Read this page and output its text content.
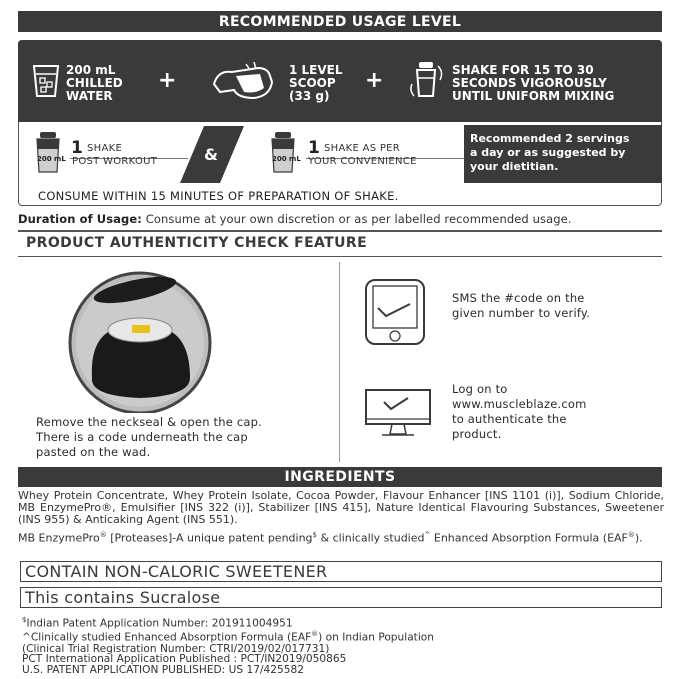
RECOMMENDED USAGE LEVEL
200 mL
CHILLED
WATER
+	1 LEVEL
SCOOP
(33 g)
+	SHAKE FOR 15 TO 30
SECONDS VIGOROUSLY
UNTIL UNIFORM MIXING
200 mL
1 SHAKE
POST WORKOUT	&	200 mL
1 SHAKE AS PER
YOUR CONVENIENCE
Recommended 2 servings
a day or as suggested by
your dietitian.
CONSUME WITHIN 15 MINUTES OF PREPARATION OF SHAKE.
Duration of Usage: Consume at your own discretion or as per labelled recommended usage.
PRODUCT AUTHENTICITY CHECK FEATURE
Remove the neckseal & open the cap.
There is a code underneath the cap
pasted on the wad.
SMS the #code on the
given number to verify.
Log on to
www.muscleblaze.com
to authenticate the
product.
INGREDIENTS
Whey Protein Concentrate, Whey Protein Isolate, Cocoa Powder, Flavour Enhancer [INS 1101 (i)], Sodium Chloride, MB EnzymePro®, Emulsifier [INS 322 (i)], Stabilizer [INS 415], Nature Identical Flavouring Substances, Sweetener (INS 955) & Anticaking Agent (INS 551).
MB EnzymePro® [Proteases]-A unique patent pending$ & clinically studied^ Enhanced Absorption Formula (EAF®).
CONTAIN NON-CALORIC SWEETENER
This contains Sucralose
$Indian Patent Application Number: 201911004951
^Clinically studied Enhanced Absorption Formula (EAF®) on Indian Population
(Clinical Trial Registration Number: CTRI/2019/02/017731)
PCT International Application Published : PCT/IN2019/050865
U.S. PATENT APPLICATION PUBLISHED: US 17/425582
